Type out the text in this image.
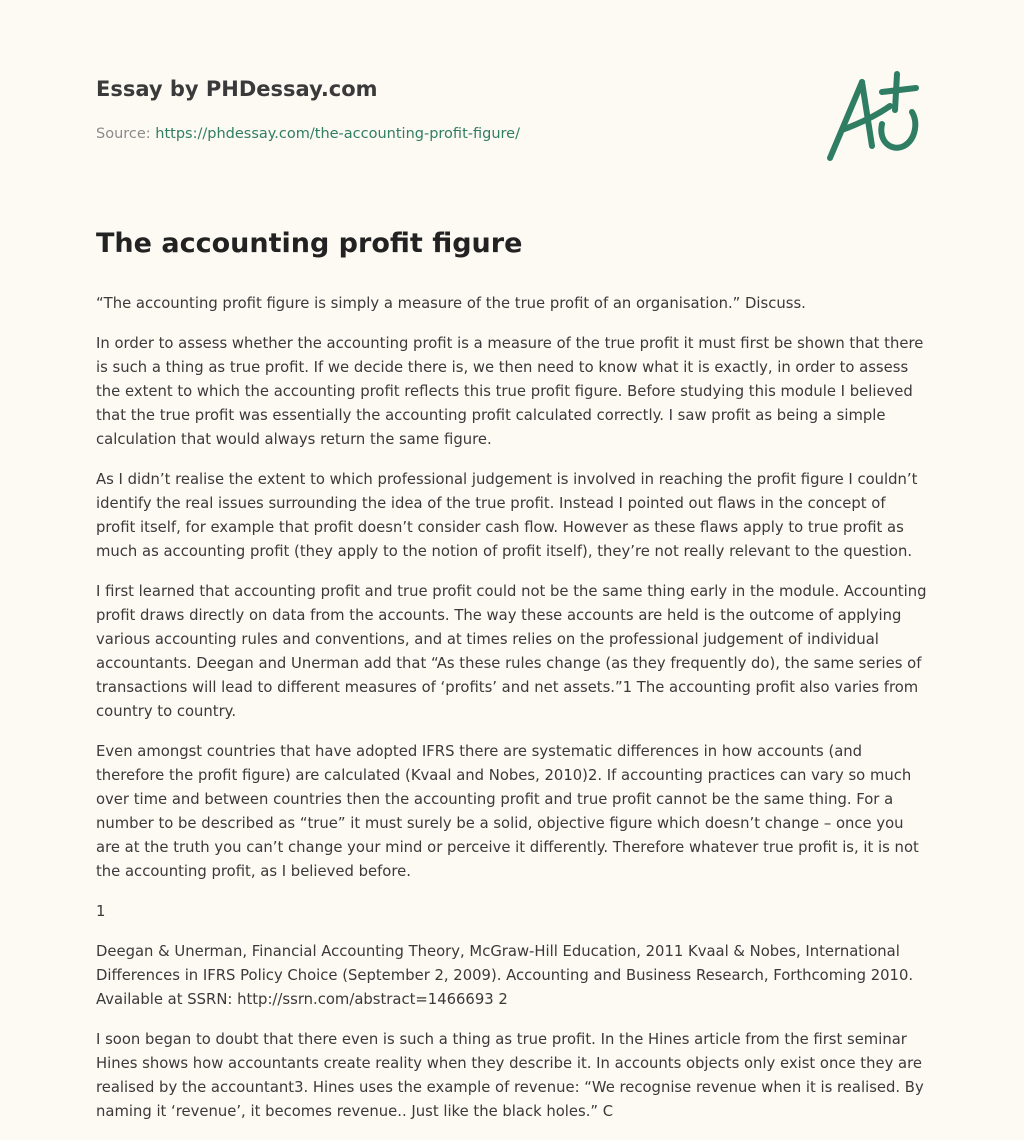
Essay by PHDessay.com
Source: https://phdessay.com/the-accounting-profit-figure/
The accounting profit figure

“The accounting profit figure is simply a measure of the true profit of an organisation.” Discuss.

In order to assess whether the accounting profit is a measure of the true profit it must first be shown that there is such a thing as true profit. If we decide there is, we then need to know what it is exactly, in order to assess the extent to which the accounting profit reflects this true profit figure. Before studying this module I believed that the true profit was essentially the accounting profit calculated correctly. I saw profit as being a simple calculation that would always return the same figure.

As I didn’t realise the extent to which professional judgement is involved in reaching the profit figure I couldn’t identify the real issues surrounding the idea of the true profit. Instead I pointed out flaws in the concept of profit itself, for example that profit doesn’t consider cash flow. However as these flaws apply to true profit as much as accounting profit (they apply to the notion of profit itself), they’re not really relevant to the question.

I first learned that accounting profit and true profit could not be the same thing early in the module. Accounting profit draws directly on data from the accounts. The way these accounts are held is the outcome of applying various accounting rules and conventions, and at times relies on the professional judgement of individual accountants. Deegan and Unerman add that “As these rules change (as they frequently do), the same series of transactions will lead to different measures of ‘profits’ and net assets.”1 The accounting profit also varies from country to country.

Even amongst countries that have adopted IFRS there are systematic differences in how accounts (and therefore the profit figure) are calculated (Kvaal and Nobes, 2010)2. If accounting practices can vary so much over time and between countries then the accounting profit and true profit cannot be the same thing. For a number to be described as “true” it must surely be a solid, objective figure which doesn’t change – once you are at the truth you can’t change your mind or perceive it differently. Therefore whatever true profit is, it is not the accounting profit, as I believed before.

1

Deegan & Unerman, Financial Accounting Theory, McGraw-Hill Education, 2011 Kvaal & Nobes, International Differences in IFRS Policy Choice (September 2, 2009). Accounting and Business Research, Forthcoming 2010. Available at SSRN: http://ssrn.com/abstract=1466693 2

I soon began to doubt that there even is such a thing as true profit. In the Hines article from the first seminar Hines shows how accountants create reality when they describe it. In accounts objects only exist once they are realised by the accountant3. Hines uses the example of revenue: “We recognise revenue when it is realised. By naming it ‘revenue’, it becomes revenue.. Just like the black holes.” C
